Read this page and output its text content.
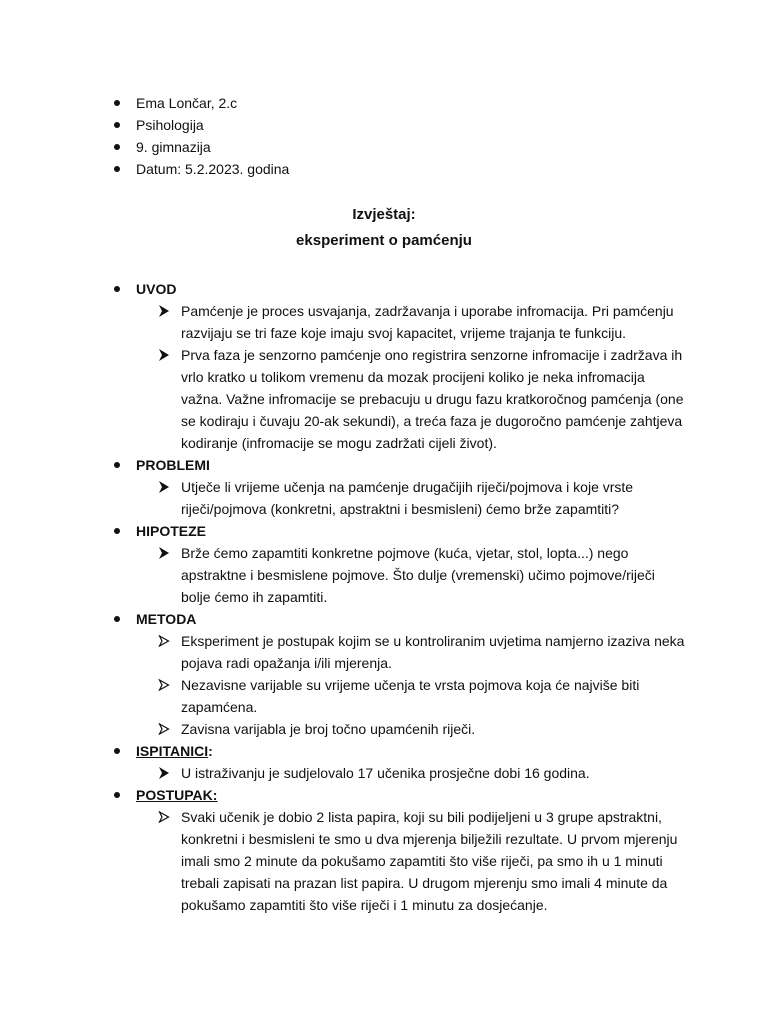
Ema Lončar, 2.c
Psihologija
9. gimnazija
Datum: 5.2.2023. godina
Izvještaj:
eksperiment o pamćenju
UVOD
Pamćenje je proces usvajanja, zadržavanja i uporabe infromacija. Pri pamćenju razvijaju se tri faze koje imaju svoj kapacitet, vrijeme trajanja te funkciju.
Prva faza je senzorno pamćenje ono registrira senzorne infromacije i zadržava ih vrlo kratko u tolikom vremenu da mozak procijeni koliko je neka infromacija važna. Važne infromacije se prebacuju u drugu fazu kratkoročnog pamćenja (one se kodiraju i čuvaju 20-ak sekundi), a treća faza je dugoročno pamćenje zahtjeva kodiranje (infromacije se mogu zadržati cijeli život).
PROBLEMI
Utječe li vrijeme učenja na pamćenje drugačijih riječi/pojmova i koje vrste riječi/pojmova (konkretni, apstraktni i besmisleni) ćemo brže zapamtiti?
HIPOTEZE
Brže ćemo zapamtiti konkretne pojmove (kuća, vjetar, stol, lopta...) nego apstraktne i besmislene pojmove. Što dulje (vremenski) učimo pojmove/riječi bolje ćemo ih zapamtiti.
METODA
Eksperiment je postupak kojim se u kontroliranim uvjetima namjerno izaziva neka pojava radi opažanja i/ili mjerenja.
Nezavisne varijable su vrijeme učenja te vrsta pojmova koja će najviše biti zapamćena.
Zavisna varijabla je broj točno upamćenih riječi.
ISPITANICI:
U istraživanju je sudjelovalo 17 učenika prosječne dobi 16 godina.
POSTUPAK:
Svaki učenik je dobio 2 lista papira, koji su bili podijeljeni u 3 grupe apstraktni, konkretni i besmisleni te smo u dva mjerenja bilježili rezultate. U prvom mjerenju imali smo 2 minute da pokušamo zapamtiti što više riječi, pa smo ih u 1 minuti trebali zapisati na prazan list papira. U drugom mjerenju smo imali 4 minute da pokušamo zapamtiti što više riječi i 1 minutu za dosjećanje.
